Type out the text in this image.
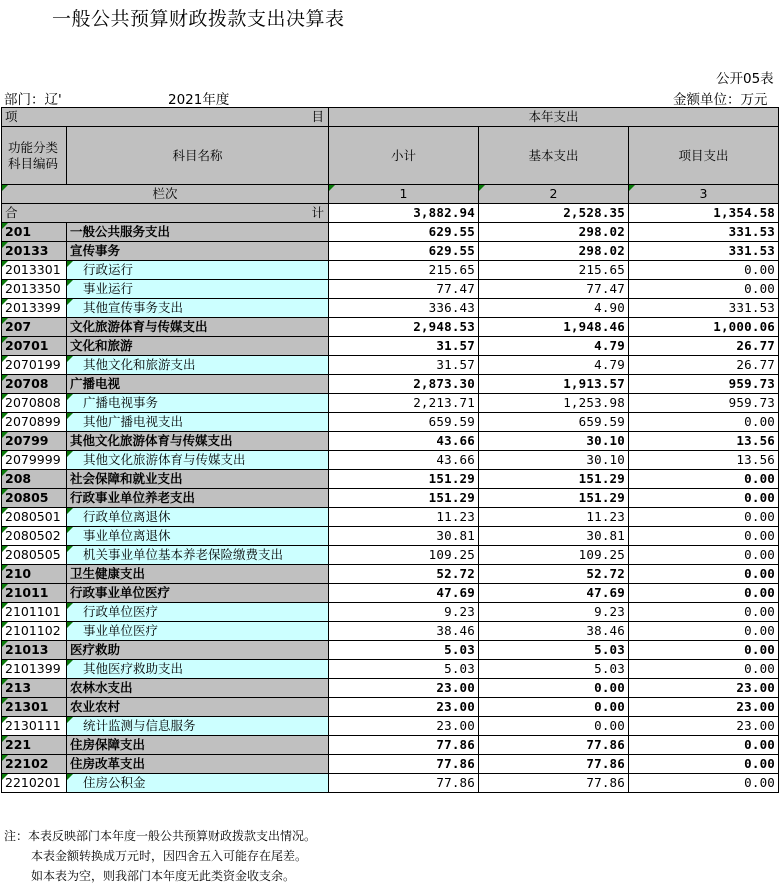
一般公共预算财政拨款支出决算表
公开05表
部门：辽'	2021年度	金额单位：万元
项 目		本年支出		
功能分类
科目编码	科目名称	小计	基本支出	项目支出
栏次		1	2	3
合 计		3,882.94	2,528.35	1,354.58
201	一般公共服务支出	629.55	298.02	331.53
20133	宣传事务	629.55	298.02	331.53
2013301	行政运行	215.65	215.65	0.00
2013350	事业运行	77.47	77.47	0.00
2013399	其他宣传事务支出	336.43	4.90	331.53
207	文化旅游体育与传媒支出	2,948.53	1,948.46	1,000.06
20701	文化和旅游	31.57	4.79	26.77
2070199	其他文化和旅游支出	31.57	4.79	26.77
20708	广播电视	2,873.30	1,913.57	959.73
2070808	广播电视事务	2,213.71	1,253.98	959.73
2070899	其他广播电视支出	659.59	659.59	0.00
20799	其他文化旅游体育与传媒支出	43.66	30.10	13.56
2079999	其他文化旅游体育与传媒支出	43.66	30.10	13.56
208	社会保障和就业支出	151.29	151.29	0.00
20805	行政事业单位养老支出	151.29	151.29	0.00
2080501	行政单位离退休	11.23	11.23	0.00
2080502	事业单位离退休	30.81	30.81	0.00
2080505	机关事业单位基本养老保险缴费支出	109.25	109.25	0.00
210	卫生健康支出	52.72	52.72	0.00
21011	行政事业单位医疗	47.69	47.69	0.00
2101101	行政单位医疗	9.23	9.23	0.00
2101102	事业单位医疗	38.46	38.46	0.00
21013	医疗救助	5.03	5.03	0.00
2101399	其他医疗救助支出	5.03	5.03	0.00
213	农林水支出	23.00	0.00	23.00
21301	农业农村	23.00	0.00	23.00
2130111	统计监测与信息服务	23.00	0.00	23.00
221	住房保障支出	77.86	77.86	0.00
22102	住房改革支出	77.86	77.86	0.00
2210201	住房公积金	77.86	77.86	0.00
注：本表反映部门本年度一般公共预算财政拨款支出情况。
本表金额转换成万元时，因四舍五入可能存在尾差。
如本表为空，则我部门本年度无此类资金收支余。
